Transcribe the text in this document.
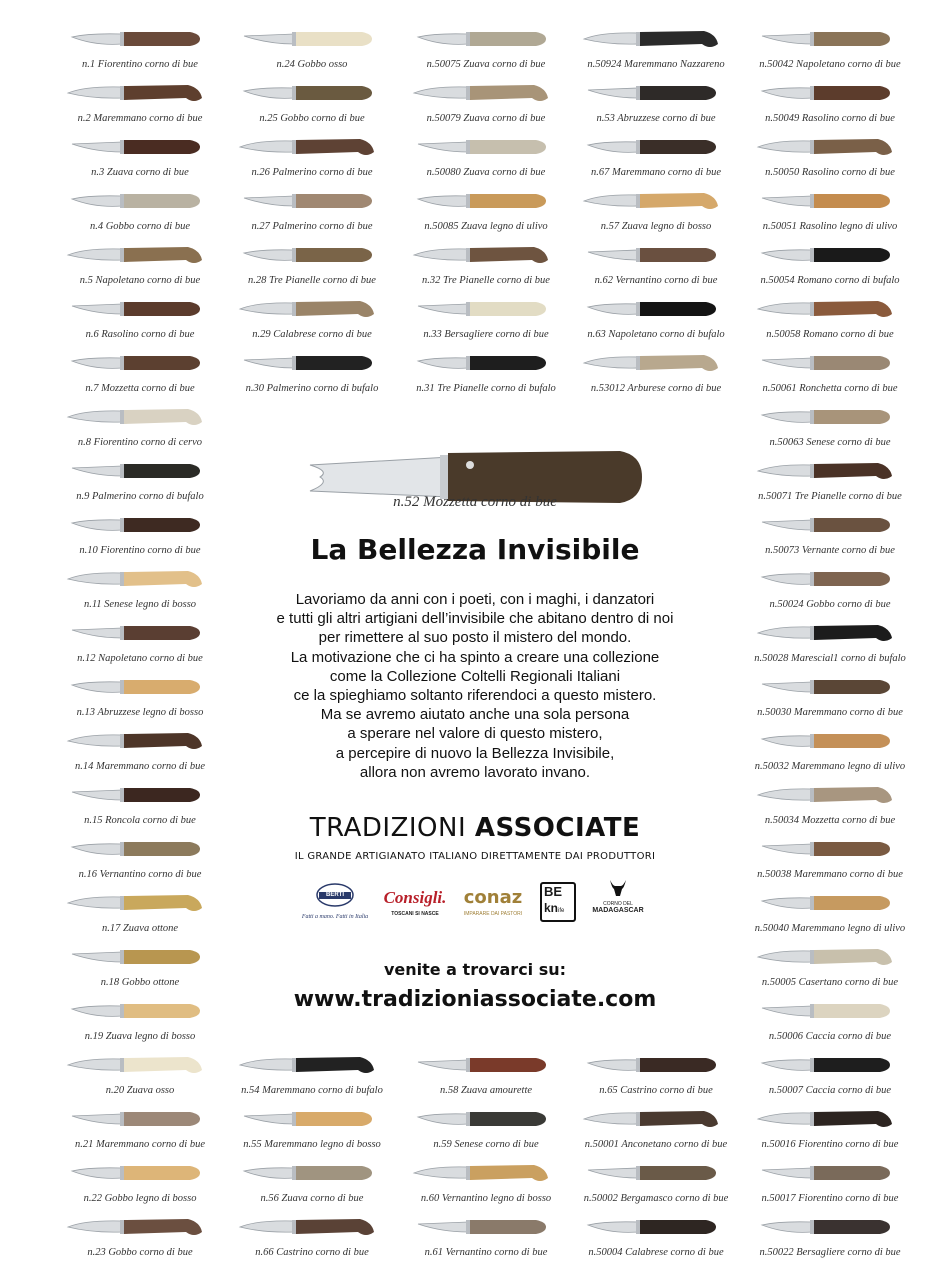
n.1 Fiorentino corno di bue
n.2 Maremmano corno di bue
n.3 Zuava corno di bue
n.4 Gobbo corno di bue
n.5 Napoletano corno di bue
n.6 Rasolino corno di bue
n.7 Mozzetta corno di bue
n.8 Fiorentino corno di cervo
n.9 Palmerino corno di bufalo
n.10 Fiorentino corno di bue
n.11 Senese legno di bosso
n.12 Napoletano corno di bue
n.13 Abruzzese legno di bosso
n.14 Maremmano corno di bue
n.15 Roncola corno di bue
n.16 Vernantino corno di bue
n.17 Zuava ottone
n.18 Gobbo ottone
n.19 Zuava legno di bosso
n.20 Zuava osso
n.21 Maremmano corno di bue
n.22 Gobbo legno di bosso
n.23 Gobbo corno di bue
n.24 Gobbo osso
n.25 Gobbo corno di bue
n.26 Palmerino corno di bue
n.27 Palmerino corno di bue
n.28 Tre Pianelle corno di bue
n.29 Calabrese corno di bue
n.30 Palmerino corno di bufalo
n.50075 Zuava corno di bue
n.50079 Zuava corno di bue
n.50080 Zuava corno di bue
n.50085 Zuava legno di ulivo
n.32 Tre Pianelle corno di bue
n.33 Bersagliere corno di bue
n.31 Tre Pianelle corno di bufalo
n.50924 Maremmano Nazzareno
n.53 Abruzzese corno di bue
n.67 Maremmano corno di bue
n.57 Zuava legno di bosso
n.62 Vernantino corno di bue
n.63 Napoletano corno di bufalo
n.53012 Arburese corno di bue
n.50042 Napoletano corno di bue
n.50049 Rasolino corno di bue
n.50050 Rasolino corno di bue
n.50051 Rasolino legno di ulivo
n.50054 Romano corno di bufalo
n.50058 Romano corno di bue
n.50061 Ronchetta corno di bue
n.50063 Senese corno di bue
n.50071 Tre Pianelle corno di bue
n.50073 Vernante corno di bue
n.50024 Gobbo corno di bue
n.50028 Marescial1 corno di bufalo
n.50030 Maremmano corno di bue
n.50032 Maremmano legno di ulivo
n.50034 Mozzetta corno di bue
n.50038 Maremmano corno di bue
n.50040 Maremmano legno di ulivo
n.50005 Casertano corno di bue
n.50006 Caccia corno di bue
n.50007 Caccia corno di bue
n.50016 Fiorentino corno di bue
n.50017 Fiorentino corno di bue
n.50022 Bersagliere corno di bue
n.54 Maremmano corno di bufalo
n.55 Maremmano legno di bosso
n.56 Zuava corno di bue
n.66 Castrino corno di bue
n.58 Zuava amourette
n.59 Senese corno di bue
n.60 Vernantino legno di bosso
n.61 Vernantino corno di bue
n.65 Castrino corno di bue
n.50001 Anconetano corno di bue
n.50002 Bergamasco corno di bue
n.50004 Calabrese corno di bue
n.52 Mozzetta corno di bue
La Bellezza Invisibile
Lavoriamo da anni con i poeti, con i maghi, i danzatori
e tutti gli altri artigiani dell’invisibile che abitano dentro di noi
per rimettere al suo posto il mistero del mondo.
La motivazione che ci ha spinto a creare una collezione
come la Collezione Coltelli Regionali Italiani
ce la spieghiamo soltanto riferendoci a questo mistero.
Ma se avremo aiutato anche una sola persona
a sperare nel valore di questo mistero,
a percepire di nuovo la Bellezza Invisibile,
allora non avremo lavorato invano.
TRADIZIONI ASSOCIATE
IL GRANDE ARTIGIANATO ITALIANO DIRETTAMENTE DAI PRODUTTORI
BERTI
Fatti a mano. Fatti in Italia
Consigli.
TOSCANI SI NASCE
conaz
IMPARARE DAI PASTORI
BE
knife
CORNO DEL
MADAGASCAR
venite a trovarci su:
www.tradizioniassociate.com
